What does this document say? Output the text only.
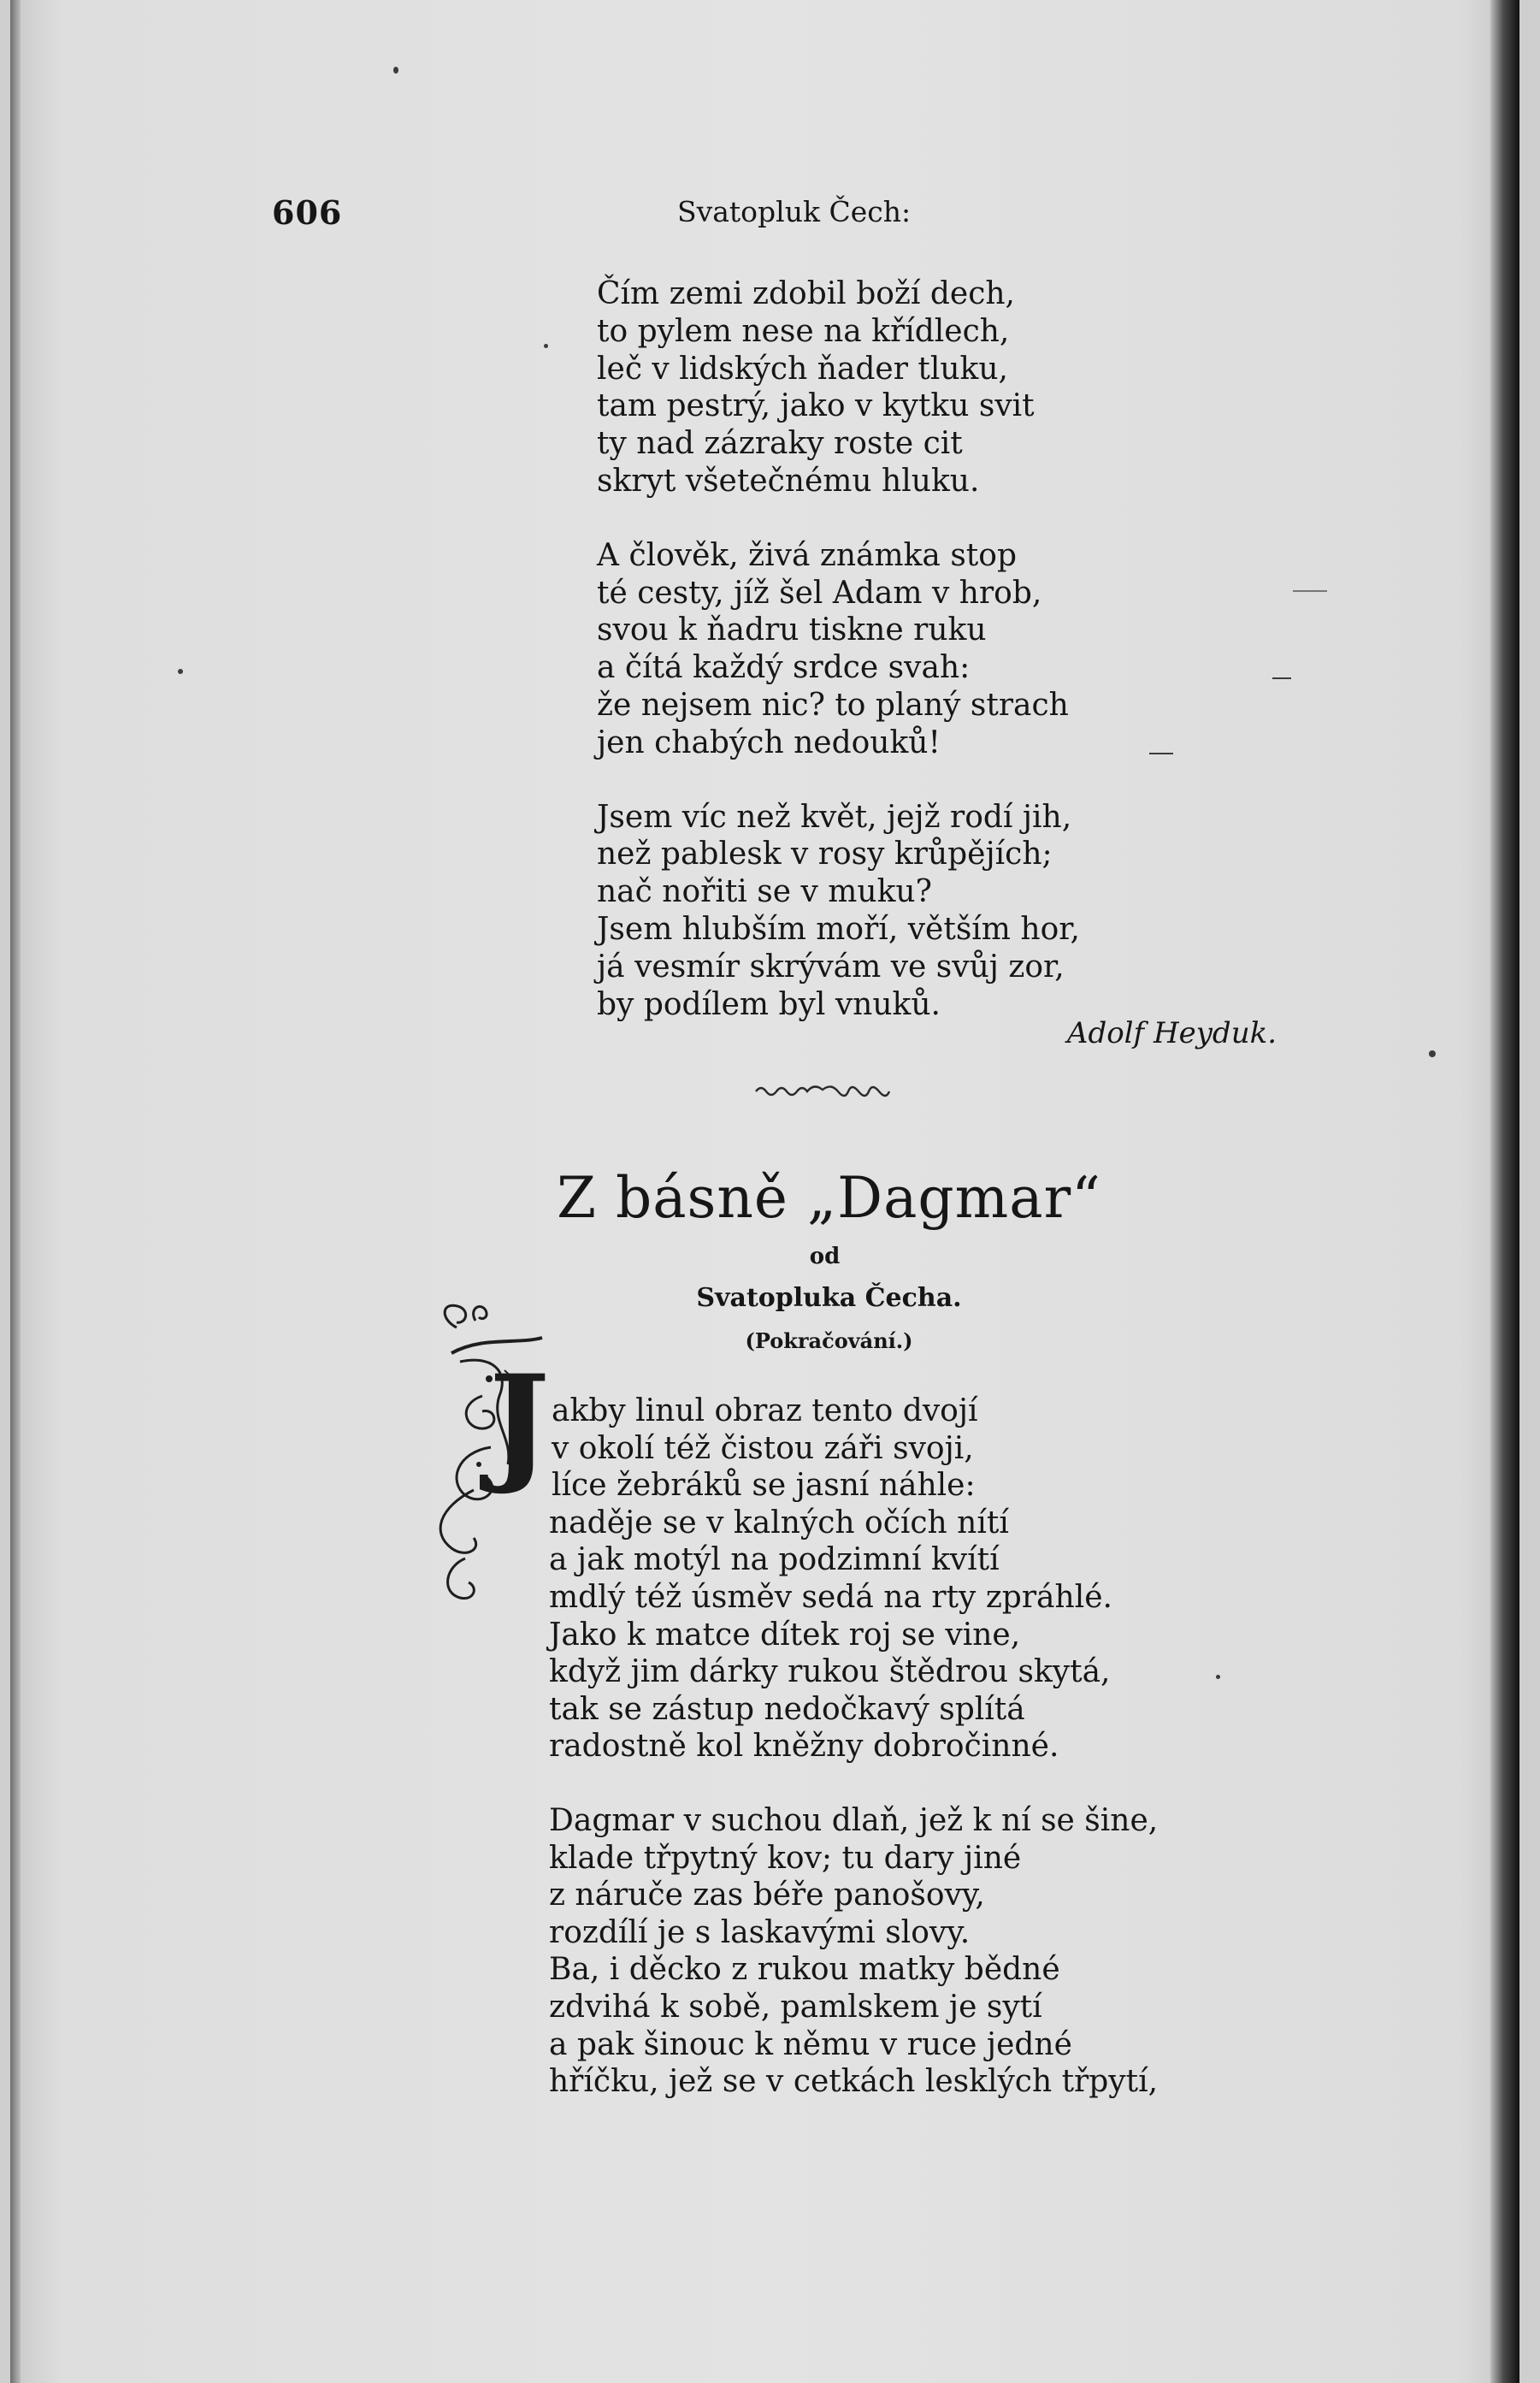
606	Svatopluk Čech:
Čím zemi zdobil boží dech,
to pylem nese na křídlech,
leč v lidských ňader tluku,
tam pestrý, jako v kytku svit
ty nad zázraky roste cit
skryt všetečnému hluku.
A člověk, živá známka stop
té cesty, jíž šel Adam v hrob,
svou k ňadru tiskne ruku
a čítá každý srdce svah:
že nejsem nic? to planý strach
jen chabých nedouků!
Jsem víc než květ, jejž rodí jih,
než pablesk v rosy krůpějích;
nač nořiti se v muku?
Jsem hlubším moří, větším hor,
já vesmír skrývám ve svůj zor,
by podílem byl vnuků.
Adolf Heyduk.
Z básně „Dagmar“
od
Svatopluka Čecha.
(Pokračování.)
J akby linul obraz tento dvojí
v okolí též čistou záři svoji,
líce žebráků se jasní náhle:
naděje se v kalných očích nítí
a jak motýl na podzimní kvítí
mdlý též úsměv sedá na rty zpráhlé.
Jako k matce dítek roj se vine,
když jim dárky rukou štědrou skytá,
tak se zástup nedočkavý splítá
radostně kol kněžny dobročinné.
Dagmar v suchou dlaň, jež k ní se šine,
klade třpytný kov; tu dary jiné
z náruče zas béře panošovy,
rozdílí je s laskavými slovy.
Ba, i děcko z rukou matky bědné
zdvihá k sobě, pamlskem je sytí
a pak šinouc k němu v ruce jedné
hříčku, jež se v cetkách lesklých třpytí,
